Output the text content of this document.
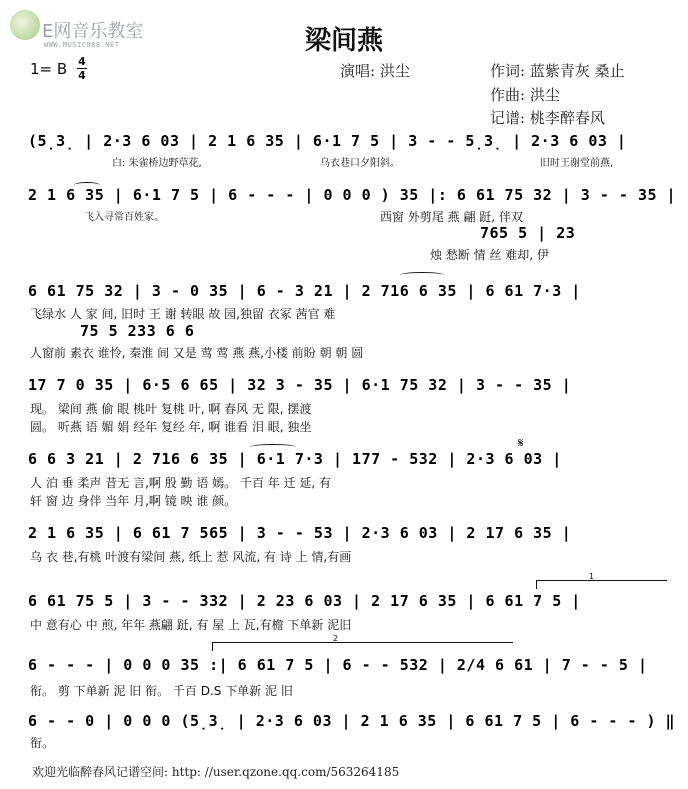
E网音乐教室
WWW.MUSIC888.NET	梁间燕
1= B 4
4	演唱: 洪尘	作词: 蓝紫青灰 桑止
作曲: 洪尘
记谱: 桃李醉春风
(5̣3̣ | 2·3 6 03 | 2 1 6 35 | 6·1 7 5 | 3 - - 5̣3̣ | 2·3 6 03 |
白: 朱雀桥边野草花,	乌衣巷口夕阳斜。	旧时王谢堂前燕,
2 1 6 35 | 6·1 7 5 | 6 - - - | 0 0 0 ) 35 |: 6 61 75 32 | 3 - - 35 |
飞入寻常百姓家。	西窗 外剪尾 燕 翩 跹, 伴双
765 5 | 23
烛 愁断 情 丝 难却, 伊
6 61 75 32 | 3 - 0 35 | 6 - 3 21 | 2 716 6 35 | 6 61 7·3 |
飞绿水 人 家 间, 旧时 王 谢 转眼 故 园,独留 衣冢 茜官 难
75 5 233 6 6
人窗前 素衣 谁怜, 秦淮 间 又是 莺 莺 燕 燕,小楼 前盼 朝 朝 圆
17 7 0 35 | 6·5 6 65 | 32 3 - 35 | 6·1 75 32 | 3 - - 35 |
现。 梁间 燕 偷 眼 桃叶 复桃 叶, 啊 春风 无 限, 摆渡
圆。 听燕 语 媚 娟 经年 复经 年, 啊 谁看 泪 眼, 独坐
𝄋
6 6 3 21 | 2 716 6 35 | 6·1 7·3 | 177 - 532 | 2·3 6 03 |
人 泊 垂 柔声 昔无 言,啊 殷 勤 语 嫣。 千百 年 迁 延, 有
轩 窗 边 身伴 当年 月,啊 镜 映 谁 颜。
2 1 6 35 | 6 61 7 565 | 3 - - 53 | 2·3 6 03 | 2 17 6 35 |
乌 衣 巷,有桃 叶渡有梁间 燕, 纸上 惹 风流, 有 诗 上 情,有画
1
6 61 75 5 | 3 - - 332 | 2 23 6 03 | 2 17 6 35 | 6 61 7 5 |
中 意有心 中 煎, 年年 燕翩 跹, 有 屋 上 瓦,有檐 下单新 泥旧
2
6 - - - | 0 0 0 35 :| 6 61 7 5 | 6 - - 532 | 2/4 6 61 | 7 - - 5 |
衔。 剪 下单新 泥 旧 衔。 千百 D.S 下单新 泥 旧
6 - - 0 | 0 0 0 (5̣3̣ | 2·3 6 03 | 2 1 6 35 | 6 61 7 5 | 6 - - - ) ‖
衔。
欢迎光临醉春风记谱空间: http: //user.qzone.qq.com/563264185
